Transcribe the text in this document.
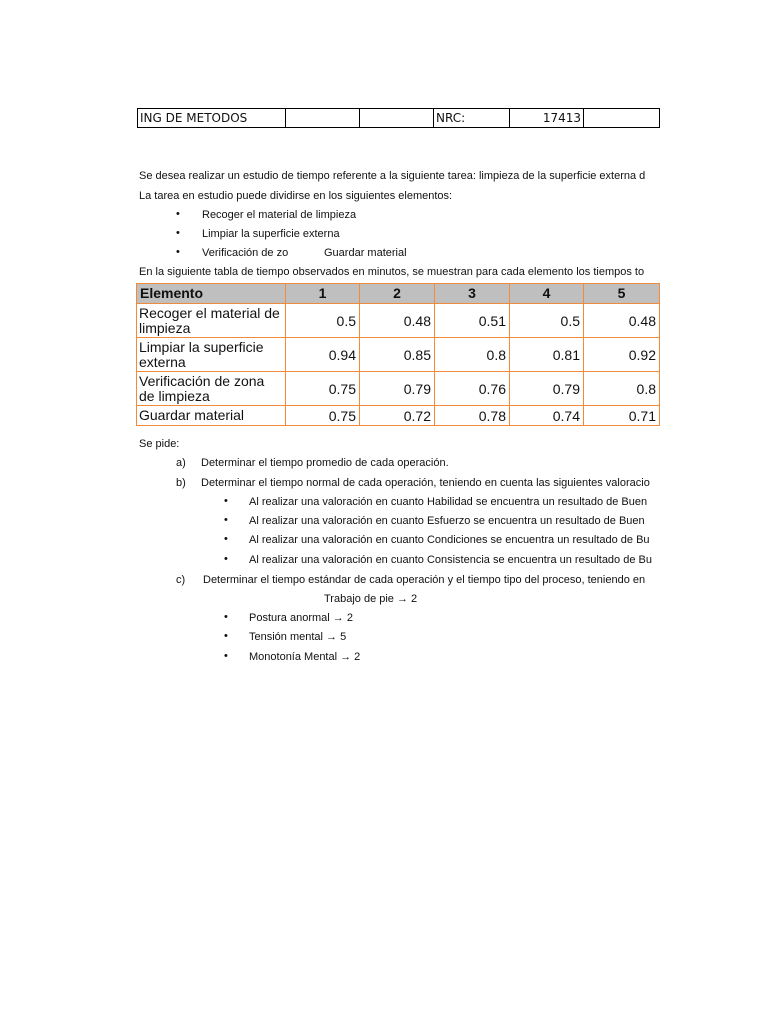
ING DE METODOS			NRC:	17413	
Se desea realizar un estudio de tiempo referente a la siguiente tarea: limpieza de la superficie externa d
La tarea en estudio puede dividirse en los siguientes elementos:
• Recoger el material de limpieza
• Limpiar la superficie externa
• Verificación de zo	Guardar material
En la siguiente tabla de tiempo observados en minutos, se muestran para cada elemento los tiempos to
Elemento	1	2	3	4	5
Recoger el material de limpieza	0.5	0.48	0.51	0.5	0.48
Limpiar la superficie externa	0.94	0.85	0.8	0.81	0.92
Verificación de zona de limpieza	0.75	0.79	0.76	0.79	0.8
Guardar material	0.75	0.72	0.78	0.74	0.71
Se pide:
a)	Determinar el tiempo promedio de cada operación.
b)	Determinar el tiempo normal de cada operación, teniendo en cuenta las siguientes valoracio
• Al realizar una valoración en cuanto Habilidad se encuentra un resultado de Buen
• Al realizar una valoración en cuanto Esfuerzo se encuentra un resultado de Buen
• Al realizar una valoración en cuanto Condiciones se encuentra un resultado de Bu
• Al realizar una valoración en cuanto Consistencia se encuentra un resultado de Bu
c)	Determinar el tiempo estándar de cada operación y el tiempo tipo del proceso, teniendo en
Trabajo de pie → 2
• Postura anormal → 2
• Tensión mental → 5
• Monotonía Mental → 2
